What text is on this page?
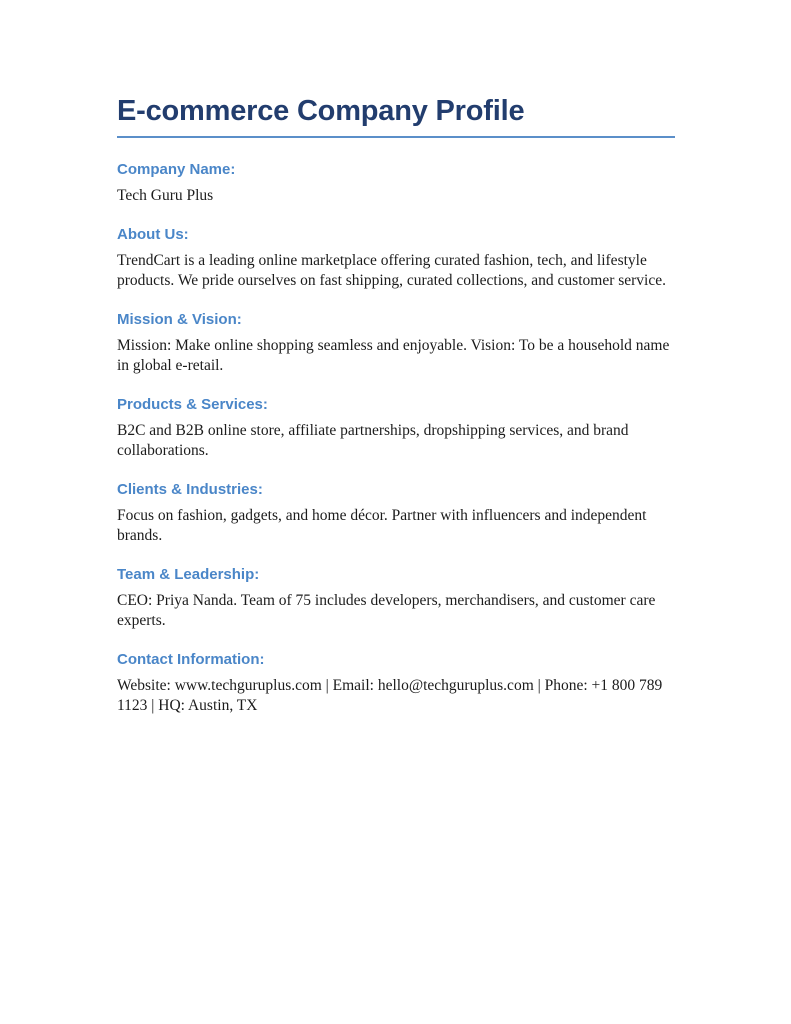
E-commerce Company Profile
Company Name:

Tech Guru Plus

About Us:

TrendCart is a leading online marketplace offering curated fashion, tech, and lifestyle products. We pride ourselves on fast shipping, curated collections, and customer service.

Mission & Vision:

Mission: Make online shopping seamless and enjoyable. Vision: To be a household name in global e-retail.

Products & Services:

B2C and B2B online store, affiliate partnerships, dropshipping services, and brand collaborations.

Clients & Industries:

Focus on fashion, gadgets, and home décor. Partner with influencers and independent brands.

Team & Leadership:

CEO: Priya Nanda. Team of 75 includes developers, merchandisers, and customer care experts.

Contact Information:

Website: www.techguruplus.com | Email: hello@techguruplus.com | Phone: +1 800 789 1123 | HQ: Austin, TX
